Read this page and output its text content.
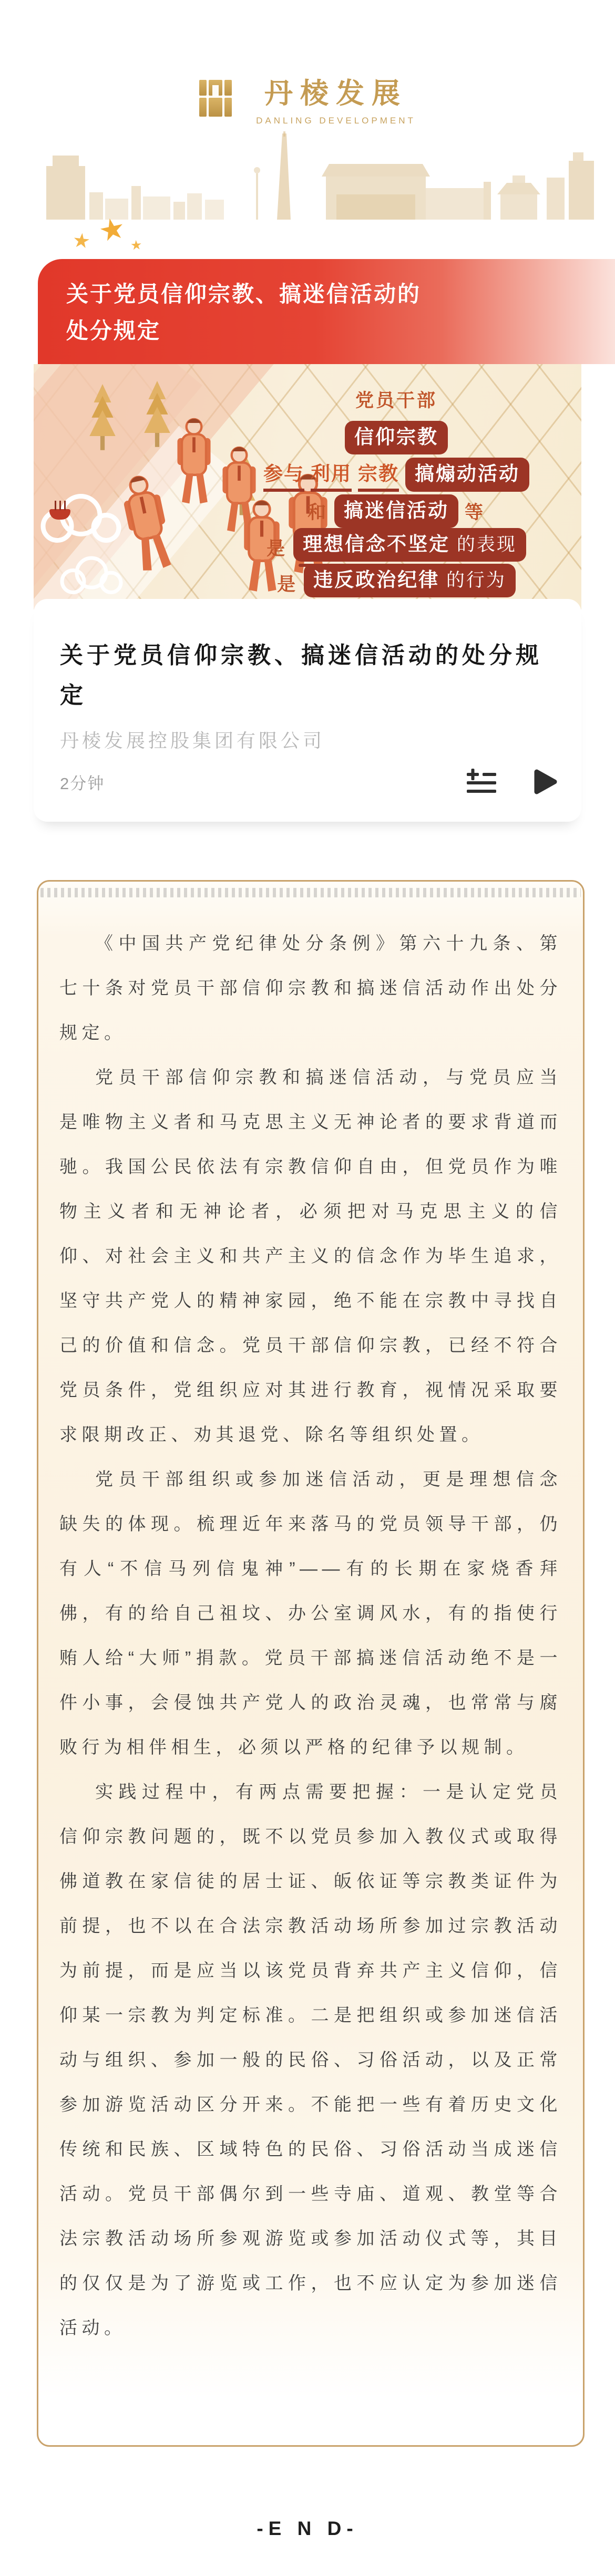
丹棱发展
DANLING DEVELOPMENT
★
★	★
关于党员信仰宗教、搞迷信活动的
处分规定
党员干部
信仰宗教
参与 利用 宗教 搞煽动活动
和 搞迷信活动 等
是 理想信念不坚定 的表现
是 违反政治纪律 的行为
关于党员信仰宗教、搞迷信活动的处分规定
丹棱发展控股集团有限公司
2分钟

《中国共产党纪律处分条例》第六十九条、第七十条对党员干部信仰宗教和搞迷信活动作出处分规定。

党员干部信仰宗教和搞迷信活动，与党员应当是唯物主义者和马克思主义无神论者的要求背道而驰。我国公民依法有宗教信仰自由，但党员作为唯物主义者和无神论者，必须把对马克思主义的信仰、对社会主义和共产主义的信念作为毕生追求，坚守共产党人的精神家园，绝不能在宗教中寻找自己的价值和信念。党员干部信仰宗教，已经不符合党员条件，党组织应对其进行教育，视情况采取要求限期改正、劝其退党、除名等组织处置。

党员干部组织或参加迷信活动，更是理想信念缺失的体现。梳理近年来落马的党员领导干部，仍有人“不信马列信鬼神”——有的长期在家烧香拜佛，有的给自己祖坟、办公室调风水，有的指使行贿人给“大师”捐款。党员干部搞迷信活动绝不是一件小事，会侵蚀共产党人的政治灵魂，也常常与腐败行为相伴相生，必须以严格的纪律予以规制。

实践过程中，有两点需要把握：一是认定党员信仰宗教问题的，既不以党员参加入教仪式或取得佛道教在家信徒的居士证、皈依证等宗教类证件为前提，也不以在合法宗教活动场所参加过宗教活动为前提，而是应当以该党员背弃共产主义信仰，信仰某一宗教为判定标准。二是把组织或参加迷信活动与组织、参加一般的民俗、习俗活动，以及正常参加游览活动区分开来。不能把一些有着历史文化传统和民族、区域特色的民俗、习俗活动当成迷信活动。党员干部偶尔到一些寺庙、道观、教堂等合法宗教活动场所参观游览或参加活动仪式等，其目的仅仅是为了游览或工作，也不应认定为参加迷信活动。

-E N D-
